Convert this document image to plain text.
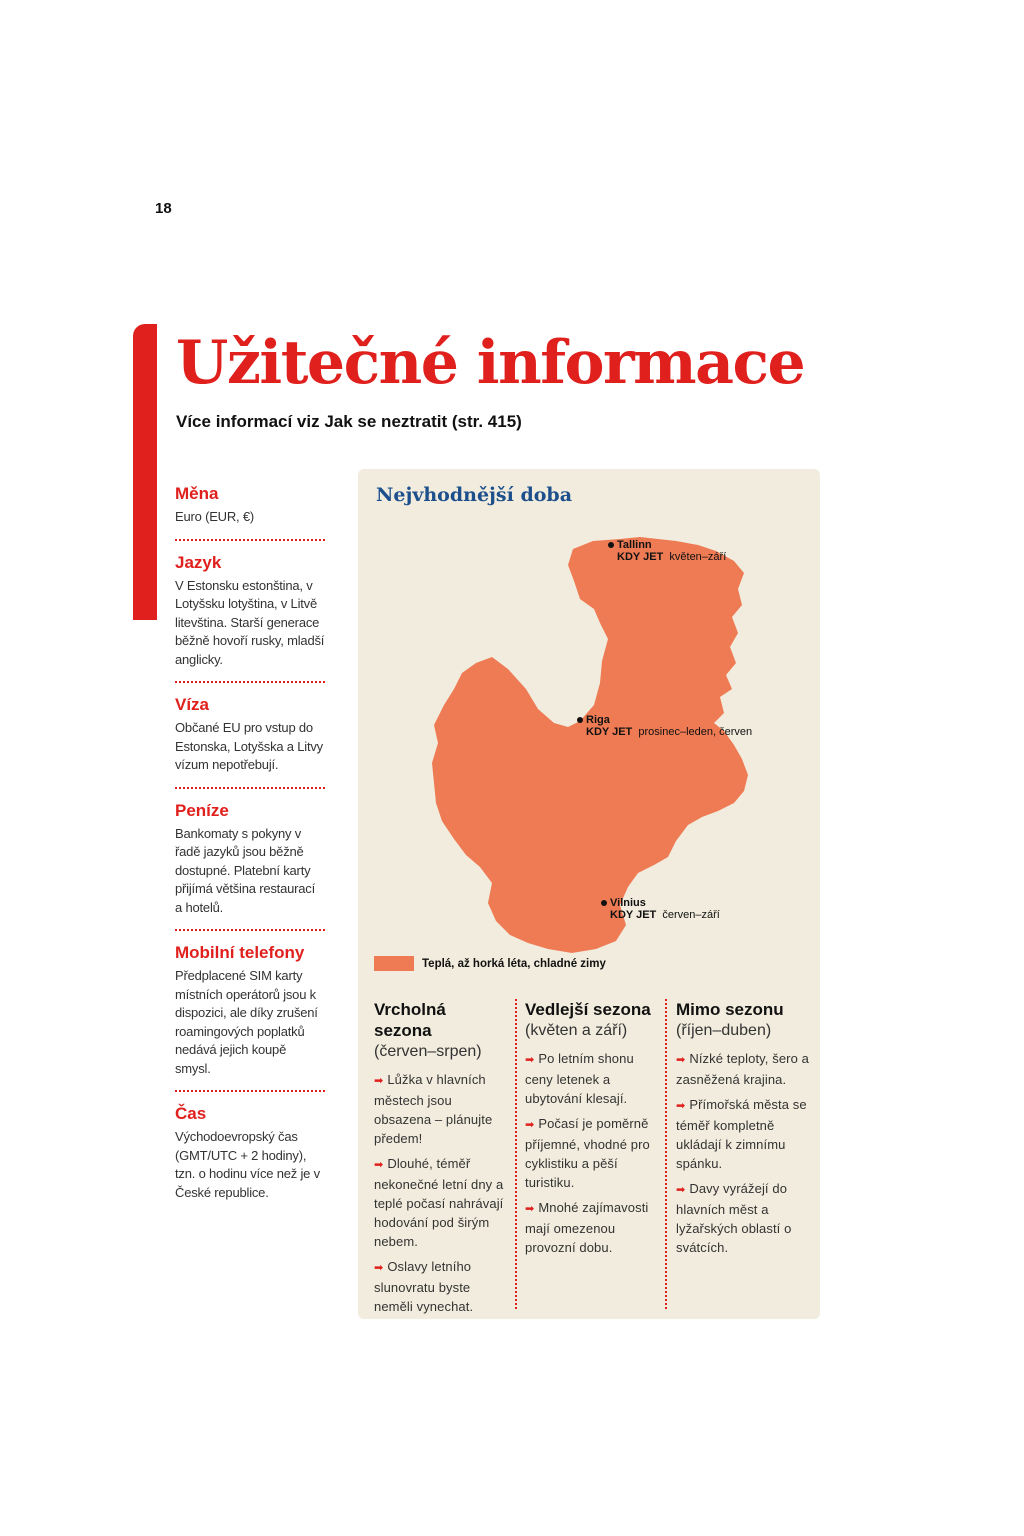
18
Užitečné informace
Více informací viz Jak se neztratit (str. 415)
Měna

Euro (EUR, €)

Jazyk

V Estonsku estonština, v Lotyšsku lotyština, v Litvě litevština. Starší generace běžně hovoří rusky, mladší anglicky.

Víza

Občané EU pro vstup do Estonska, Lotyšska a Litvy vízum nepotřebují.

Peníze

Bankomaty s pokyny v řadě jazyků jsou běžně dostupné. Platební karty přijímá většina restaurací a hotelů.

Mobilní telefony

Předplacené SIM karty místních operátorů jsou k dispozici, ale díky zrušení roamingových poplatků nedává jejich koupě smysl.

Čas

Východoevropský čas (GMT/UTC + 2 hodiny), tzn. o hodinu více než je v České republice.

Nejvhodnější doba
Tallinn
KDY JET květen–září
Riga
KDY JET prosinec–leden, červen
Vilnius
KDY JET červen–září
Teplá, až horká léta, chladné zimy
Vrcholná sezona
(červen–srpen)
➡ Lůžka v hlavních městech jsou obsazena – plánujte předem!
➡ Dlouhé, téměř nekonečné letní dny a teplé počasí nahrávají hodování pod širým nebem.
➡ Oslavy letního slunovratu byste neměli vynechat.
Vedlejší sezona
(květen a září)
➡ Po letním shonu ceny letenek a ubytování klesají.
➡ Počasí je poměrně příjemné, vhodné pro cyklistiku a pěší turistiku.
➡ Mnohé zajímavosti mají omezenou provozní dobu.
Mimo sezonu
(říjen–duben)
➡ Nízké teploty, šero a zasněžená krajina.
➡ Přímořská města se téměř kompletně ukládají k zimnímu spánku.
➡ Davy vyrážejí do hlavních měst a lyžařských oblastí o svátcích.
